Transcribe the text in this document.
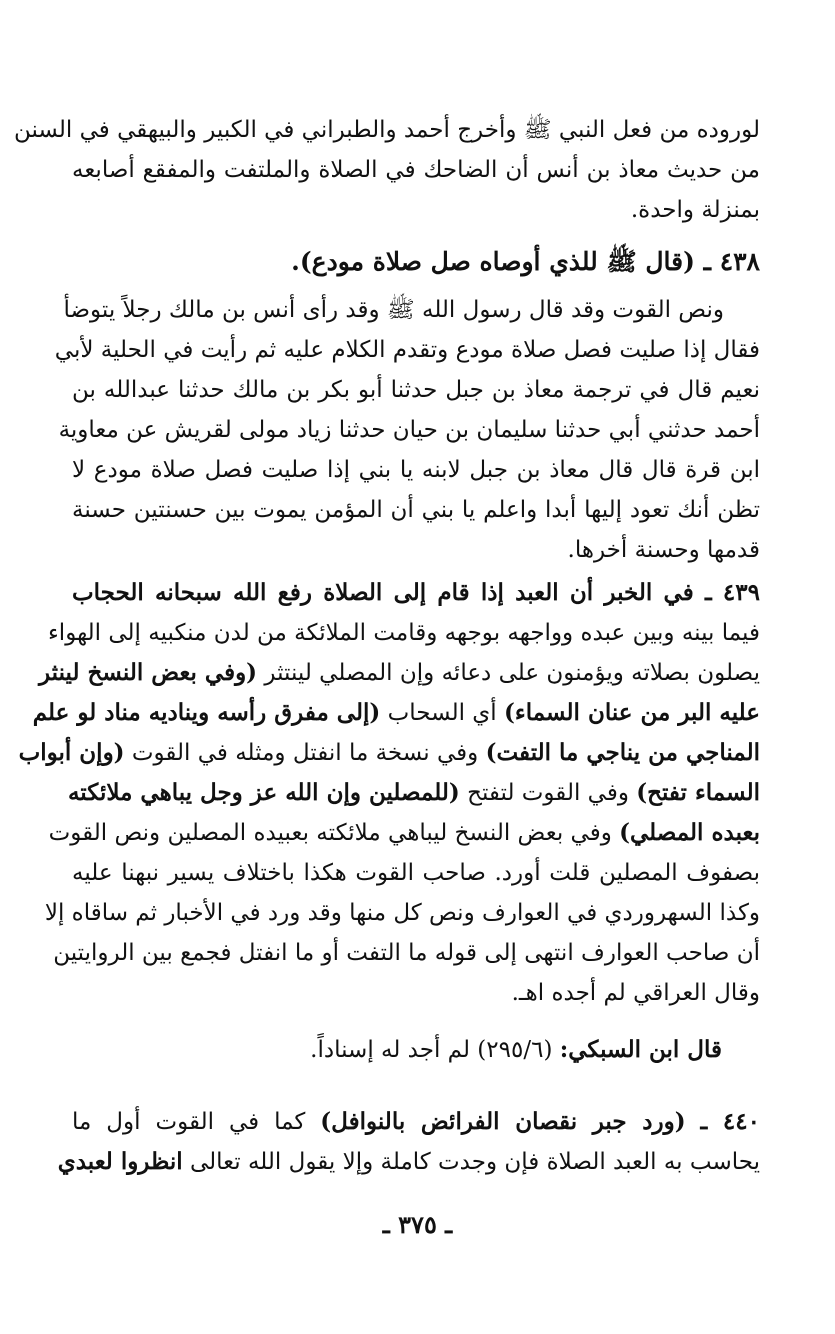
لوروده من فعل النبي ﷺ وأخرج أحمد والطبراني في الكبير والبيهقي في السنن
من حديث معاذ بن أنس أن الضاحك في الصلاة والملتفت والمفقع أصابعه
بمنزلة واحدة.
٤٣٨ ـ (قال ﷺ للذي أوصاه صل صلاة مودع).
ونص القوت وقد قال رسول الله ﷺ وقد رأى أنس بن مالك رجلاً يتوضأ
فقال إذا صليت فصل صلاة مودع وتقدم الكلام عليه ثم رأيت في الحلية لأبي
نعيم قال في ترجمة معاذ بن جبل حدثنا أبو بكر بن مالك حدثنا عبدالله بن
أحمد حدثني أبي حدثنا سليمان بن حيان حدثنا زياد مولى لقريش عن معاوية
ابن قرة قال قال معاذ بن جبل لابنه يا بني إذا صليت فصل صلاة مودع لا
تظن أنك تعود إليها أبدا واعلم يا بني أن المؤمن يموت بين حسنتين حسنة
قدمها وحسنة أخرها.
٤٣٩ ـ في الخبر أن العبد إذا قام إلى الصلاة رفع الله سبحانه الحجاب
فيما بينه وبين عبده وواجهه بوجهه وقامت الملائكة من لدن منكبيه إلى الهواء
يصلون بصلاته ويؤمنون على دعائه وإن المصلي لينتثر (وفي بعض النسخ لينثر
عليه البر من عنان السماء) أي السحاب (إلى مفرق رأسه ويناديه مناد لو علم
المناجي من يناجي ما التفت) وفي نسخة ما انفتل ومثله في القوت (وإن أبواب
السماء تفتح) وفي القوت لتفتح (للمصلين وإن الله عز وجل يباهي ملائكته
بعبده المصلي) وفي بعض النسخ ليباهي ملائكته بعبيده المصلين ونص القوت
بصفوف المصلين قلت أورد. صاحب القوت هكذا باختلاف يسير نبهنا عليه
وكذا السهروردي في العوارف ونص كل منها وقد ورد في الأخبار ثم ساقاه إلا
أن صاحب العوارف انتهى إلى قوله ما التفت أو ما انفتل فجمع بين الروايتين
وقال العراقي لم أجده اهـ.
قال ابن السبكي: (٢٩٥/٦) لم أجد له إسناداً.
٤٤٠ ـ (ورد جبر نقصان الفرائض بالنوافل) كما في القوت أول ما
يحاسب به العبد الصلاة فإن وجدت كاملة وإلا يقول الله تعالى انظروا لعبدي
ـ ٣٧٥ ـ
